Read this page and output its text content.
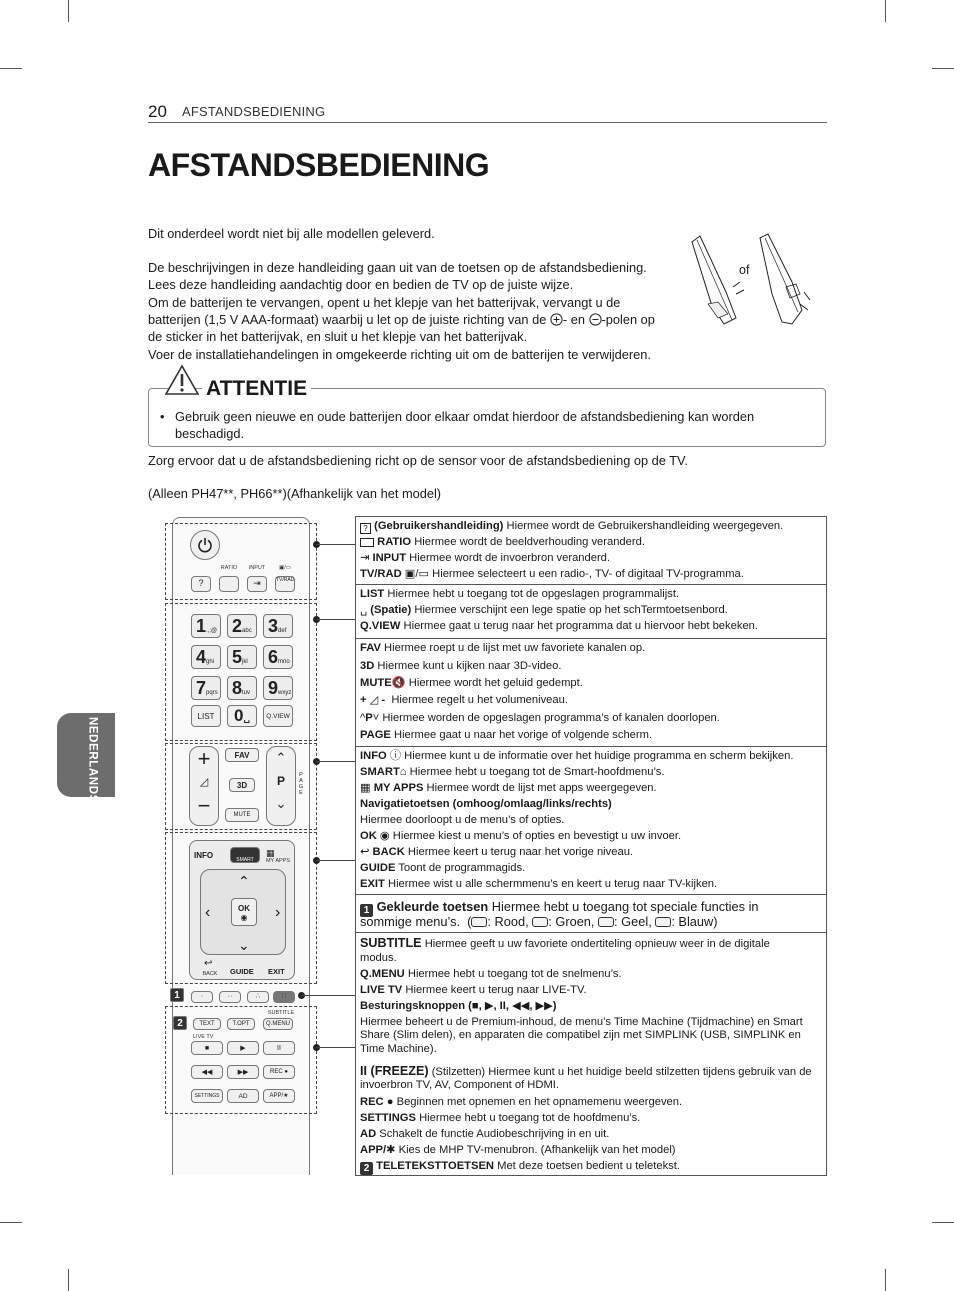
20 AFSTANDSBEDIENING
AFSTANDSBEDIENING
NEDERLANDS
Dit onderdeel wordt niet bij alle modellen geleverd.
De beschrijvingen in deze handleiding gaan uit van de toetsen op de afstandsbediening.
Lees deze handleiding aandachtig door en bedien de TV op de juiste wijze.
Om de batterijen te vervangen, opent u het klepje van het batterijvak, vervangt u de
batterijen (1,5 V AAA-formaat) waarbij u let op de juiste richting van de - en -polen op
de sticker in het batterijvak, en sluit u het klepje van het batterijvak.
Voer de installatiehandelingen in omgekeerde richting uit om de batterijen te verwijderen.
of
ATTENTIE
• Gebruik geen nieuwe en oude batterijen door elkaar omdat hierdoor de afstandsbediening kan worden beschadigd.
Zorg ervoor dat u de afstandsbediening richt op de sensor voor de afstandsbediening op de TV.
(Alleen PH47**, PH66**)(Afhankelijk van het model)
RATIO	INPUT	▣/▭
?	⇥	TV/RAD
LIST	0␣	Q.VIEW
+
◿
−
FAV
3D
MUTE
⌃
P
⌄
PAGE
INFO	SMART
▦
MY APPS
⌃
⌄
‹	›
OK
◉
↩
BACK	GUIDE EXIT
·	··	∴	∷
SUBTITLE
TEXT	T.OPT	Q.MENU
LIVE TV
■	▶	II
◀◀	▶▶	REC ●
SETTINGS	AD	APP/★
1.,;@ 2abc 3def
4ghi 5jkl	6mno
7pqrs 8tuv 9wxyz
1
2
? (Gebruikershandleiding) Hiermee wordt de Gebruikershandleiding weergegeven.
RATIO Hiermee wordt de beeldverhouding veranderd.
⇥ INPUT Hiermee wordt de invoerbron veranderd.
TV/RAD ▣/▭ Hiermee selecteert u een radio-, TV- of digitaal TV-programma.
LIST Hiermee hebt u toegang tot de opgeslagen programmalijst.
␣ (Spatie) Hiermee verschijnt een lege spatie op het schTermtoetsenbord.
Q.VIEW Hiermee gaat u terug naar het programma dat u hiervoor hebt bekeken.
FAV Hiermee roept u de lijst met uw favoriete kanalen op.
3D Hiermee kunt u kijken naar 3D-video.
MUTE🔇 Hiermee wordt het geluid gedempt.
+ ◿ - Hiermee regelt u het volumeniveau.
^P˅ Hiermee worden de opgeslagen programma’s of kanalen doorlopen.
PAGE Hiermee gaat u naar het vorige of volgende scherm.
INFO ⓘ Hiermee kunt u de informatie over het huidige programma en scherm bekijken.
SMART⌂ Hiermee hebt u toegang tot de Smart-hoofdmenu’s.
▦ MY APPS Hiermee wordt de lijst met apps weergegeven.
Navigatietoetsen (omhoog/omlaag/links/rechts)
Hiermee doorloopt u de menu’s of opties.
OK ◉ Hiermee kiest u menu’s of opties en bevestigt u uw invoer.
↩ BACK Hiermee keert u terug naar het vorige niveau.
GUIDE Toont de programmagids.
EXIT Hiermee wist u alle schermmenu’s en keert u terug naar TV-kijken.
1 Gekleurde toetsen Hiermee hebt u toegang tot speciale functies in
sommige menu’s.  ( : Rood, : Groen, : Geel, : Blauw)
SUBTITLE Hiermee geeft u uw favoriete ondertiteling opnieuw weer in de digitale
modus.
Q.MENU Hiermee hebt u toegang tot de snelmenu’s.
LIVE TV Hiermee keert u terug naar LIVE-TV.
Besturingsknoppen (■, ▶, II, ◀◀, ▶▶)
Hiermee beheert u de Premium-inhoud, de menu’s Time Machine (Tijdmachine) en Smart Share (Slim delen), en apparaten die compatibel zijn met SIMPLINK (USB, SIMPLINK en Time Machine).
II (FREEZE) (Stilzetten) Hiermee kunt u het huidige beeld stilzetten tijdens gebruik van de invoerbron TV, AV, Component of HDMI.
REC ● Beginnen met opnemen en het opnamemenu weergeven.
SETTINGS Hiermee hebt u toegang tot de hoofdmenu’s.
AD Schakelt de functie Audiobeschrijving in en uit.
APP/✱ Kies de MHP TV-menubron. (Afhankelijk van het model)
2 TELETEKSTTOETSEN Met deze toetsen bedient u teletekst.
